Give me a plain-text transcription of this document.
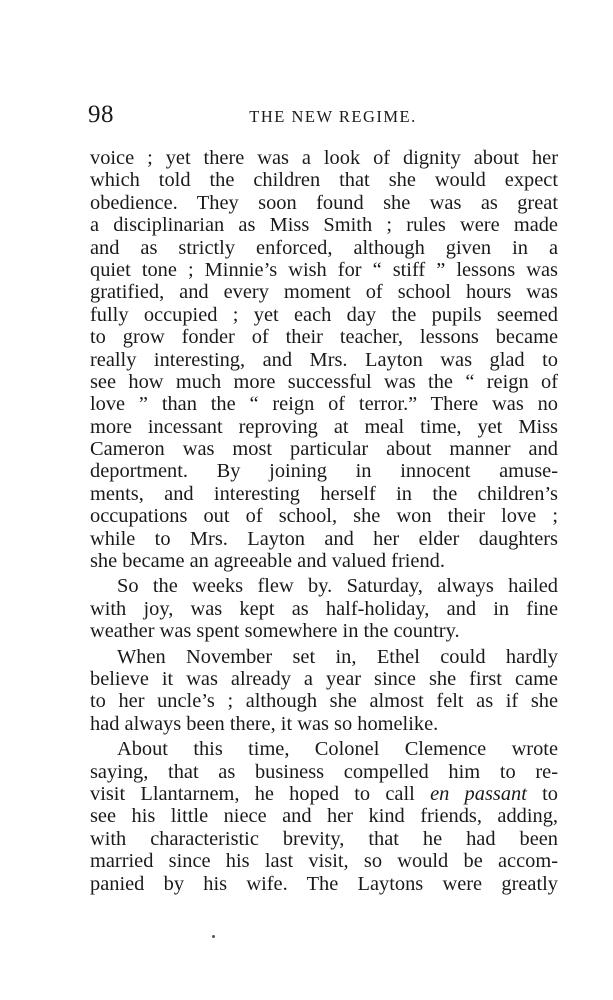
98	THE NEW REGIME.
voice ; yet there was a look of dignity about her
which told the children that she would expect
obedience. They soon found she was as great
a disciplinarian as Miss Smith ; rules were made
and as strictly enforced, although given in a
quiet tone ; Minnie’s wish for “ stiff ” lessons was
gratified, and every moment of school hours was
fully occupied ; yet each day the pupils seemed
to grow fonder of their teacher, lessons became
really interesting, and Mrs. Layton was glad to
see how much more successful was the “ reign of
love ” than the “ reign of terror.” There was no
more incessant reproving at meal time, yet Miss
Cameron was most particular about manner and
deportment. By joining in innocent amuse-
ments, and interesting herself in the children’s
occupations out of school, she won their love ;
while to Mrs. Layton and her elder daughters
she became an agreeable and valued friend.
So the weeks flew by. Saturday, always hailed
with joy, was kept as half-holiday, and in fine
weather was spent somewhere in the country.
When November set in, Ethel could hardly
believe it was already a year since she first came
to her uncle’s ; although she almost felt as if she
had always been there, it was so homelike.
About this time, Colonel Clemence wrote
saying, that as business compelled him to re-
visit Llantarnem, he hoped to call en passant to
see his little niece and her kind friends, adding,
with characteristic brevity, that he had been
married since his last visit, so would be accom-
panied by his wife. The Laytons were greatly
